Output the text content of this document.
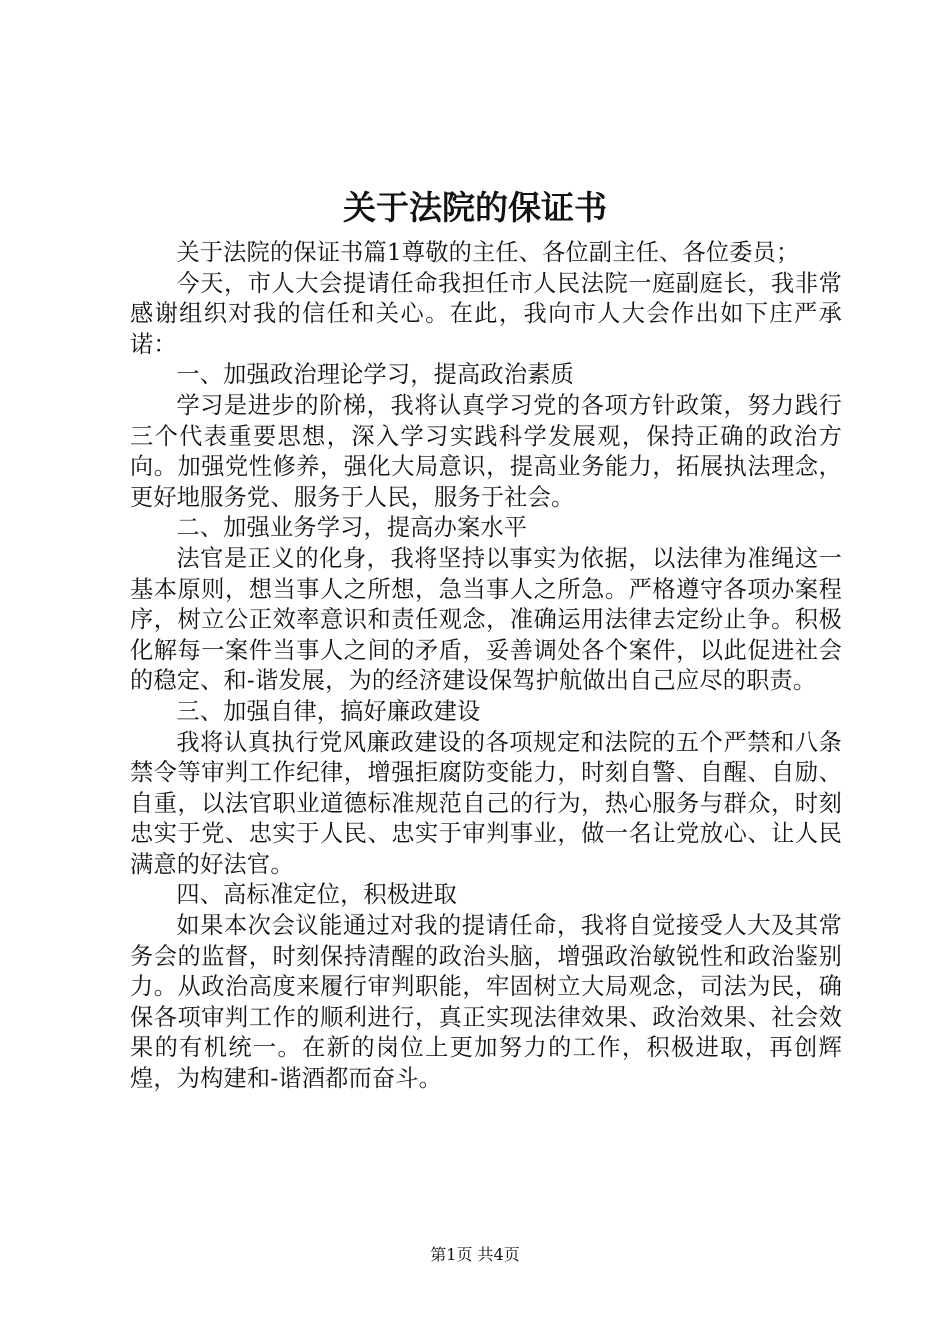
关于法院的保证书

关于法院的保证书篇1尊敬的主任、各位副主任、各位委员；

今天，市人大会提请任命我担任市人民法院一庭副庭长，我非常感谢组织对我的信任和关心。在此，我向市人大会作出如下庄严承诺：

一、加强政治理论学习，提高政治素质

学习是进步的阶梯，我将认真学习党的各项方针政策，努力践行三个代表重要思想，深入学习实践科学发展观，保持正确的政治方向。加强党性修养，强化大局意识，提高业务能力，拓展执法理念，更好地服务党、服务于人民，服务于社会。

二、加强业务学习，提高办案水平

法官是正义的化身，我将坚持以事实为依据，以法律为准绳这一基本原则，想当事人之所想，急当事人之所急。严格遵守各项办案程序，树立公正效率意识和责任观念，准确运用法律去定纷止争。积极化解每一案件当事人之间的矛盾，妥善调处各个案件，以此促进社会的稳定、和-谐发展，为的经济建设保驾护航做出自己应尽的职责。

三、加强自律，搞好廉政建设

我将认真执行党风廉政建设的各项规定和法院的五个严禁和八条禁令等审判工作纪律，增强拒腐防变能力，时刻自警、自醒、自励、自重，以法官职业道德标准规范自己的行为，热心服务与群众，时刻忠实于党、忠实于人民、忠实于审判事业，做一名让党放心、让人民满意的好法官。

四、高标准定位，积极进取

如果本次会议能通过对我的提请任命，我将自觉接受人大及其常务会的监督，时刻保持清醒的政治头脑，增强政治敏锐性和政治鉴别力。从政治高度来履行审判职能，牢固树立大局观念，司法为民，确保各项审判工作的顺利进行，真正实现法律效果、政治效果、社会效果的有机统一。在新的岗位上更加努力的工作，积极进取，再创辉煌，为构建和-谐酒都而奋斗。

第1页 共4页
